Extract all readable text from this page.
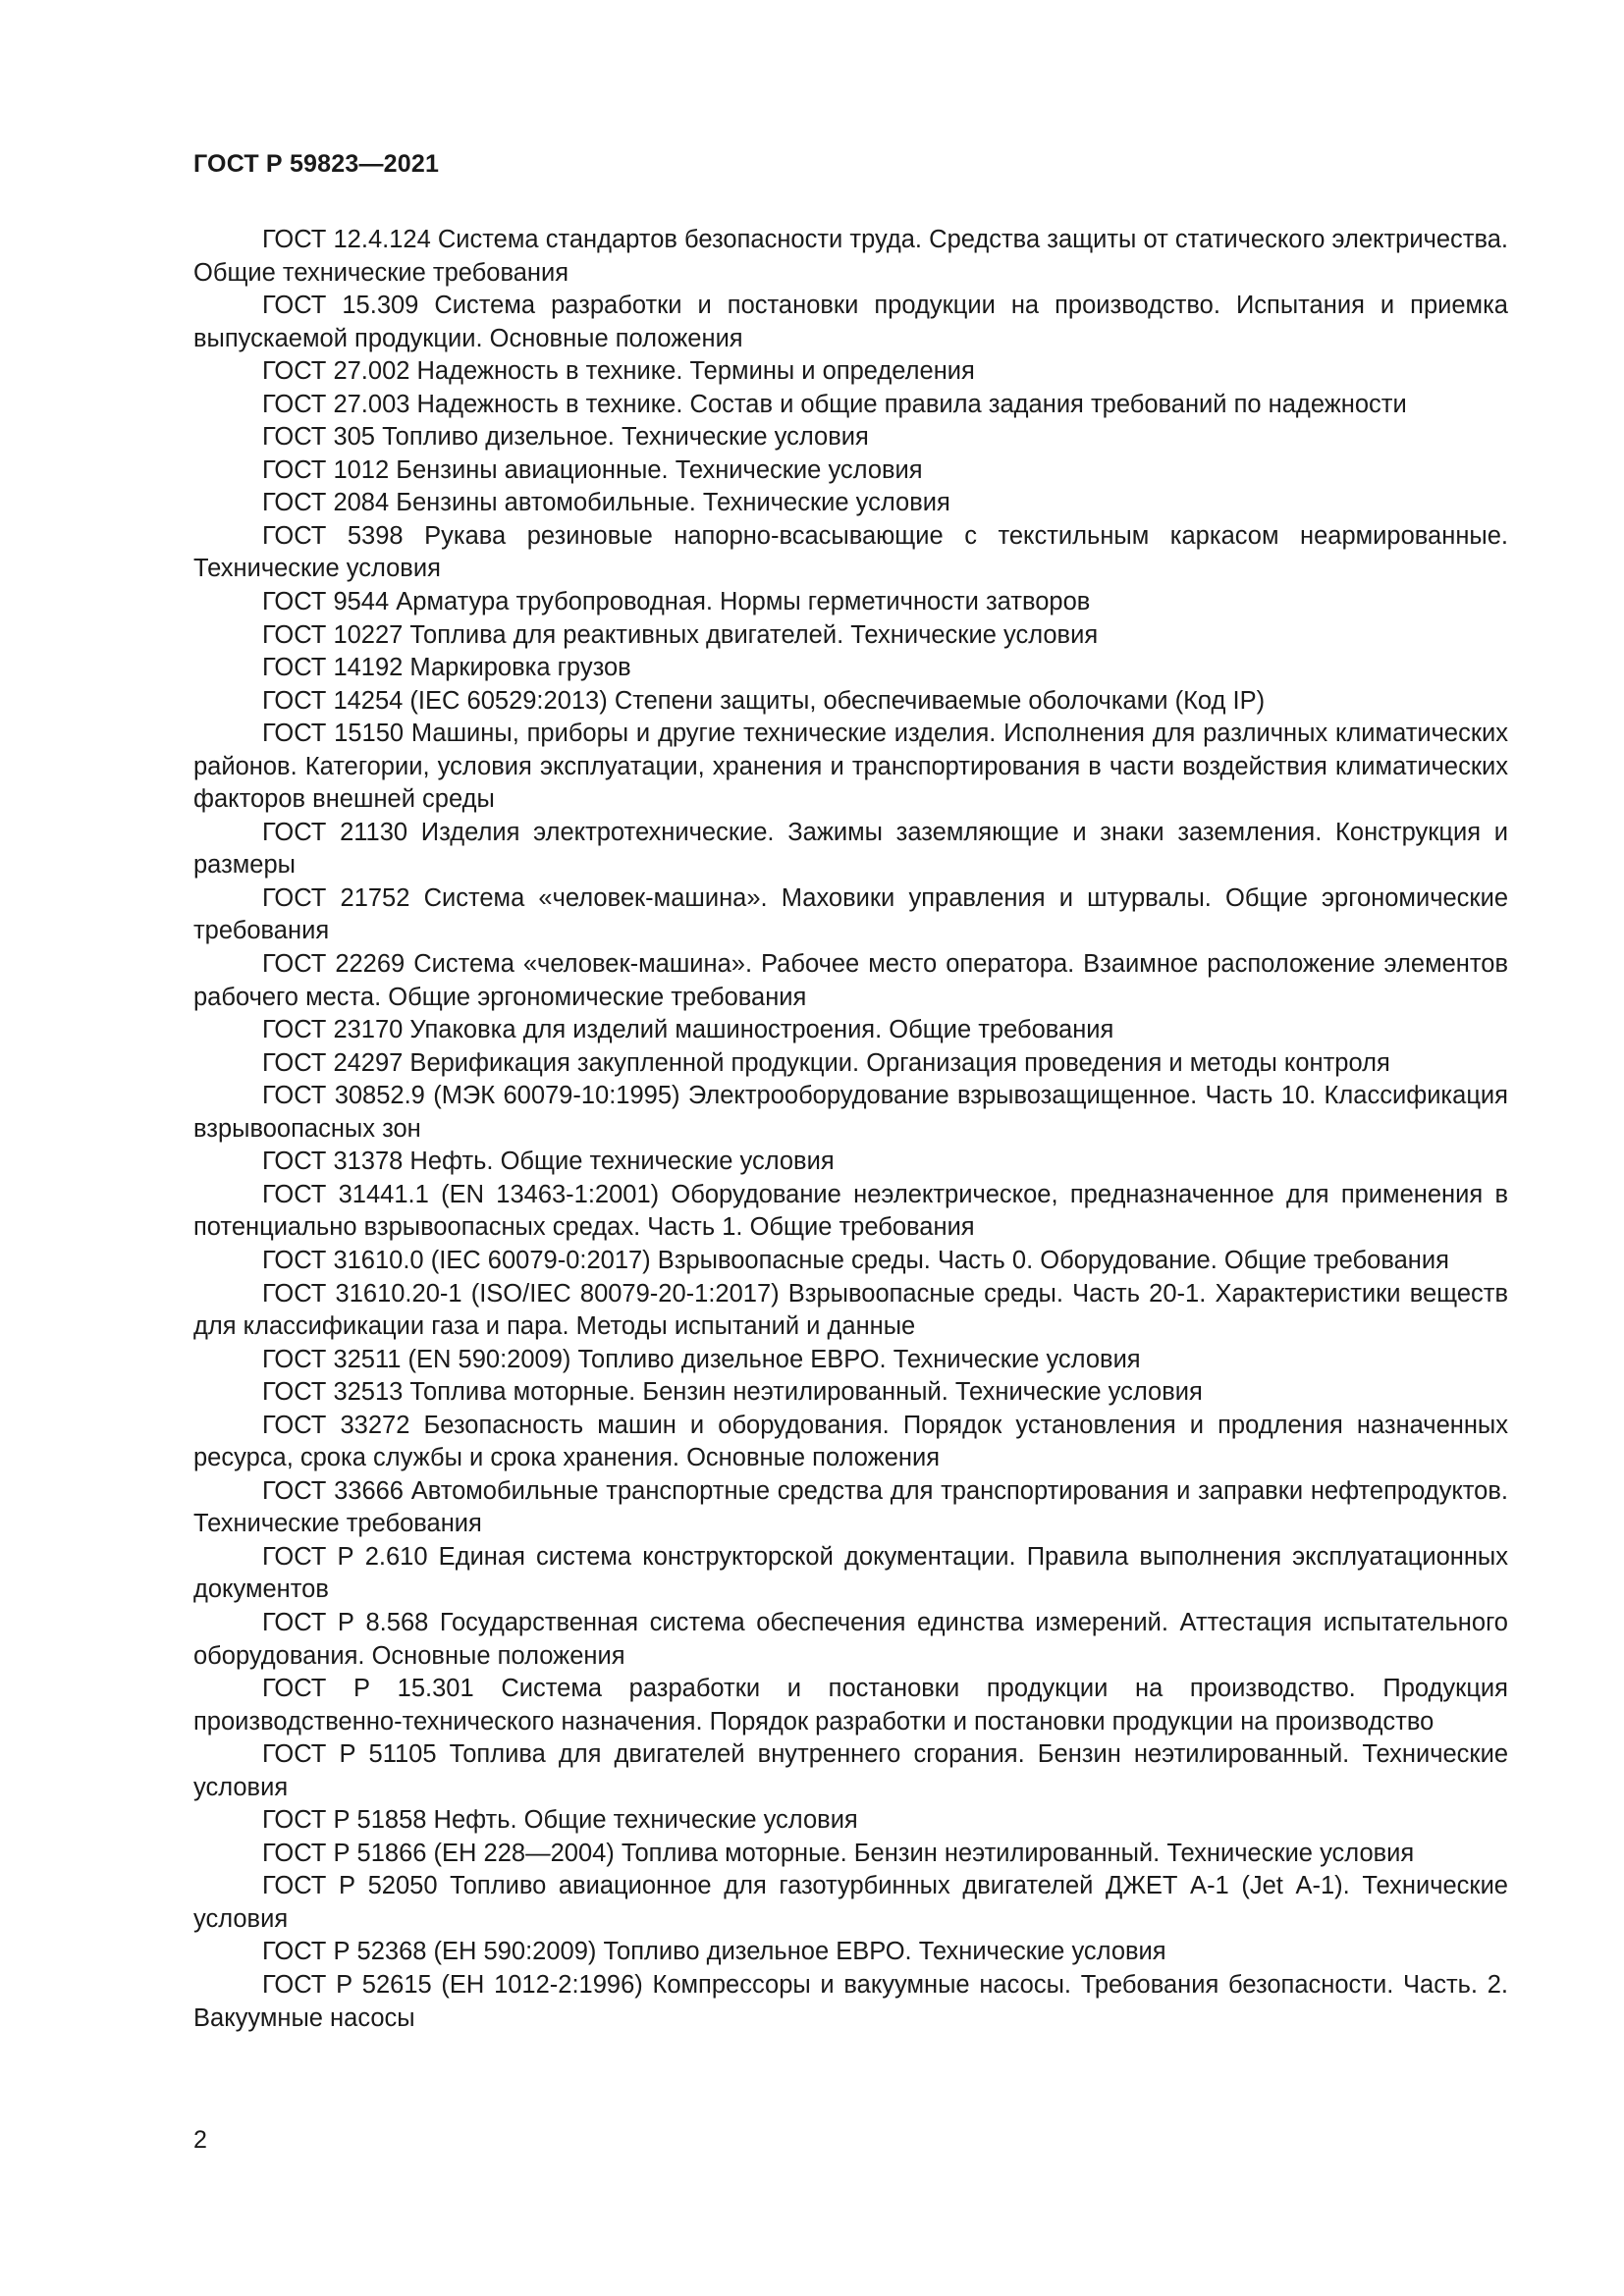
ГОСТ Р 59823—2021
ГОСТ 12.4.124 Система стандартов безопасности труда. Средства защиты от статического электричества. Общие технические требования
ГОСТ 15.309 Система разработки и постановки продукции на производство. Испытания и приемка выпускаемой продукции. Основные положения
ГОСТ 27.002 Надежность в технике. Термины и определения
ГОСТ 27.003 Надежность в технике. Состав и общие правила задания требований по надежности
ГОСТ 305 Топливо дизельное. Технические условия
ГОСТ 1012 Бензины авиационные. Технические условия
ГОСТ 2084 Бензины автомобильные. Технические условия
ГОСТ 5398 Рукава резиновые напорно-всасывающие с текстильным каркасом неармированные. Технические условия
ГОСТ 9544 Арматура трубопроводная. Нормы герметичности затворов
ГОСТ 10227 Топлива для реактивных двигателей. Технические условия
ГОСТ 14192 Маркировка грузов
ГОСТ 14254 (IEC 60529:2013) Степени защиты, обеспечиваемые оболочками (Код IP)
ГОСТ 15150 Машины, приборы и другие технические изделия. Исполнения для различных климатических районов. Категории, условия эксплуатации, хранения и транспортирования в части воздействия климатических факторов внешней среды
ГОСТ 21130 Изделия электротехнические. Зажимы заземляющие и знаки заземления. Конструкция и размеры
ГОСТ 21752 Система «человек-машина». Маховики управления и штурвалы. Общие эргономические требования
ГОСТ 22269 Система «человек-машина». Рабочее место оператора. Взаимное расположение элементов рабочего места. Общие эргономические требования
ГОСТ 23170 Упаковка для изделий машиностроения. Общие требования
ГОСТ 24297 Верификация закупленной продукции. Организация проведения и методы контроля
ГОСТ 30852.9 (МЭК 60079-10:1995) Электрооборудование взрывозащищенное. Часть 10. Классификация взрывоопасных зон
ГОСТ 31378 Нефть. Общие технические условия
ГОСТ 31441.1 (EN 13463-1:2001) Оборудование неэлектрическое, предназначенное для применения в потенциально взрывоопасных средах. Часть 1. Общие требования
ГОСТ 31610.0 (IEC 60079-0:2017) Взрывоопасные среды. Часть 0. Оборудование. Общие требования
ГОСТ 31610.20-1 (ISO/IEC 80079-20-1:2017) Взрывоопасные среды. Часть 20-1. Характеристики веществ для классификации газа и пара. Методы испытаний и данные
ГОСТ 32511 (EN 590:2009) Топливо дизельное ЕВРО. Технические условия
ГОСТ 32513 Топлива моторные. Бензин неэтилированный. Технические условия
ГОСТ 33272 Безопасность машин и оборудования. Порядок установления и продления назначенных ресурса, срока службы и срока хранения. Основные положения
ГОСТ 33666 Автомобильные транспортные средства для транспортирования и заправки нефтепродуктов. Технические требования
ГОСТ Р 2.610 Единая система конструкторской документации. Правила выполнения эксплуатационных документов
ГОСТ Р 8.568 Государственная система обеспечения единства измерений. Аттестация испытательного оборудования. Основные положения
ГОСТ Р 15.301 Система разработки и постановки продукции на производство. Продукция производственно-технического назначения. Порядок разработки и постановки продукции на производство
ГОСТ Р 51105 Топлива для двигателей внутреннего сгорания. Бензин неэтилированный. Технические условия
ГОСТ Р 51858 Нефть. Общие технические условия
ГОСТ Р 51866 (ЕН 228—2004) Топлива моторные. Бензин неэтилированный. Технические условия
ГОСТ Р 52050 Топливо авиационное для газотурбинных двигателей ДЖЕТ А-1 (Jet А-1). Технические условия
ГОСТ Р 52368 (ЕН 590:2009) Топливо дизельное ЕВРО. Технические условия
ГОСТ Р 52615 (ЕН 1012-2:1996) Компрессоры и вакуумные насосы. Требования безопасности. Часть. 2. Вакуумные насосы
2
